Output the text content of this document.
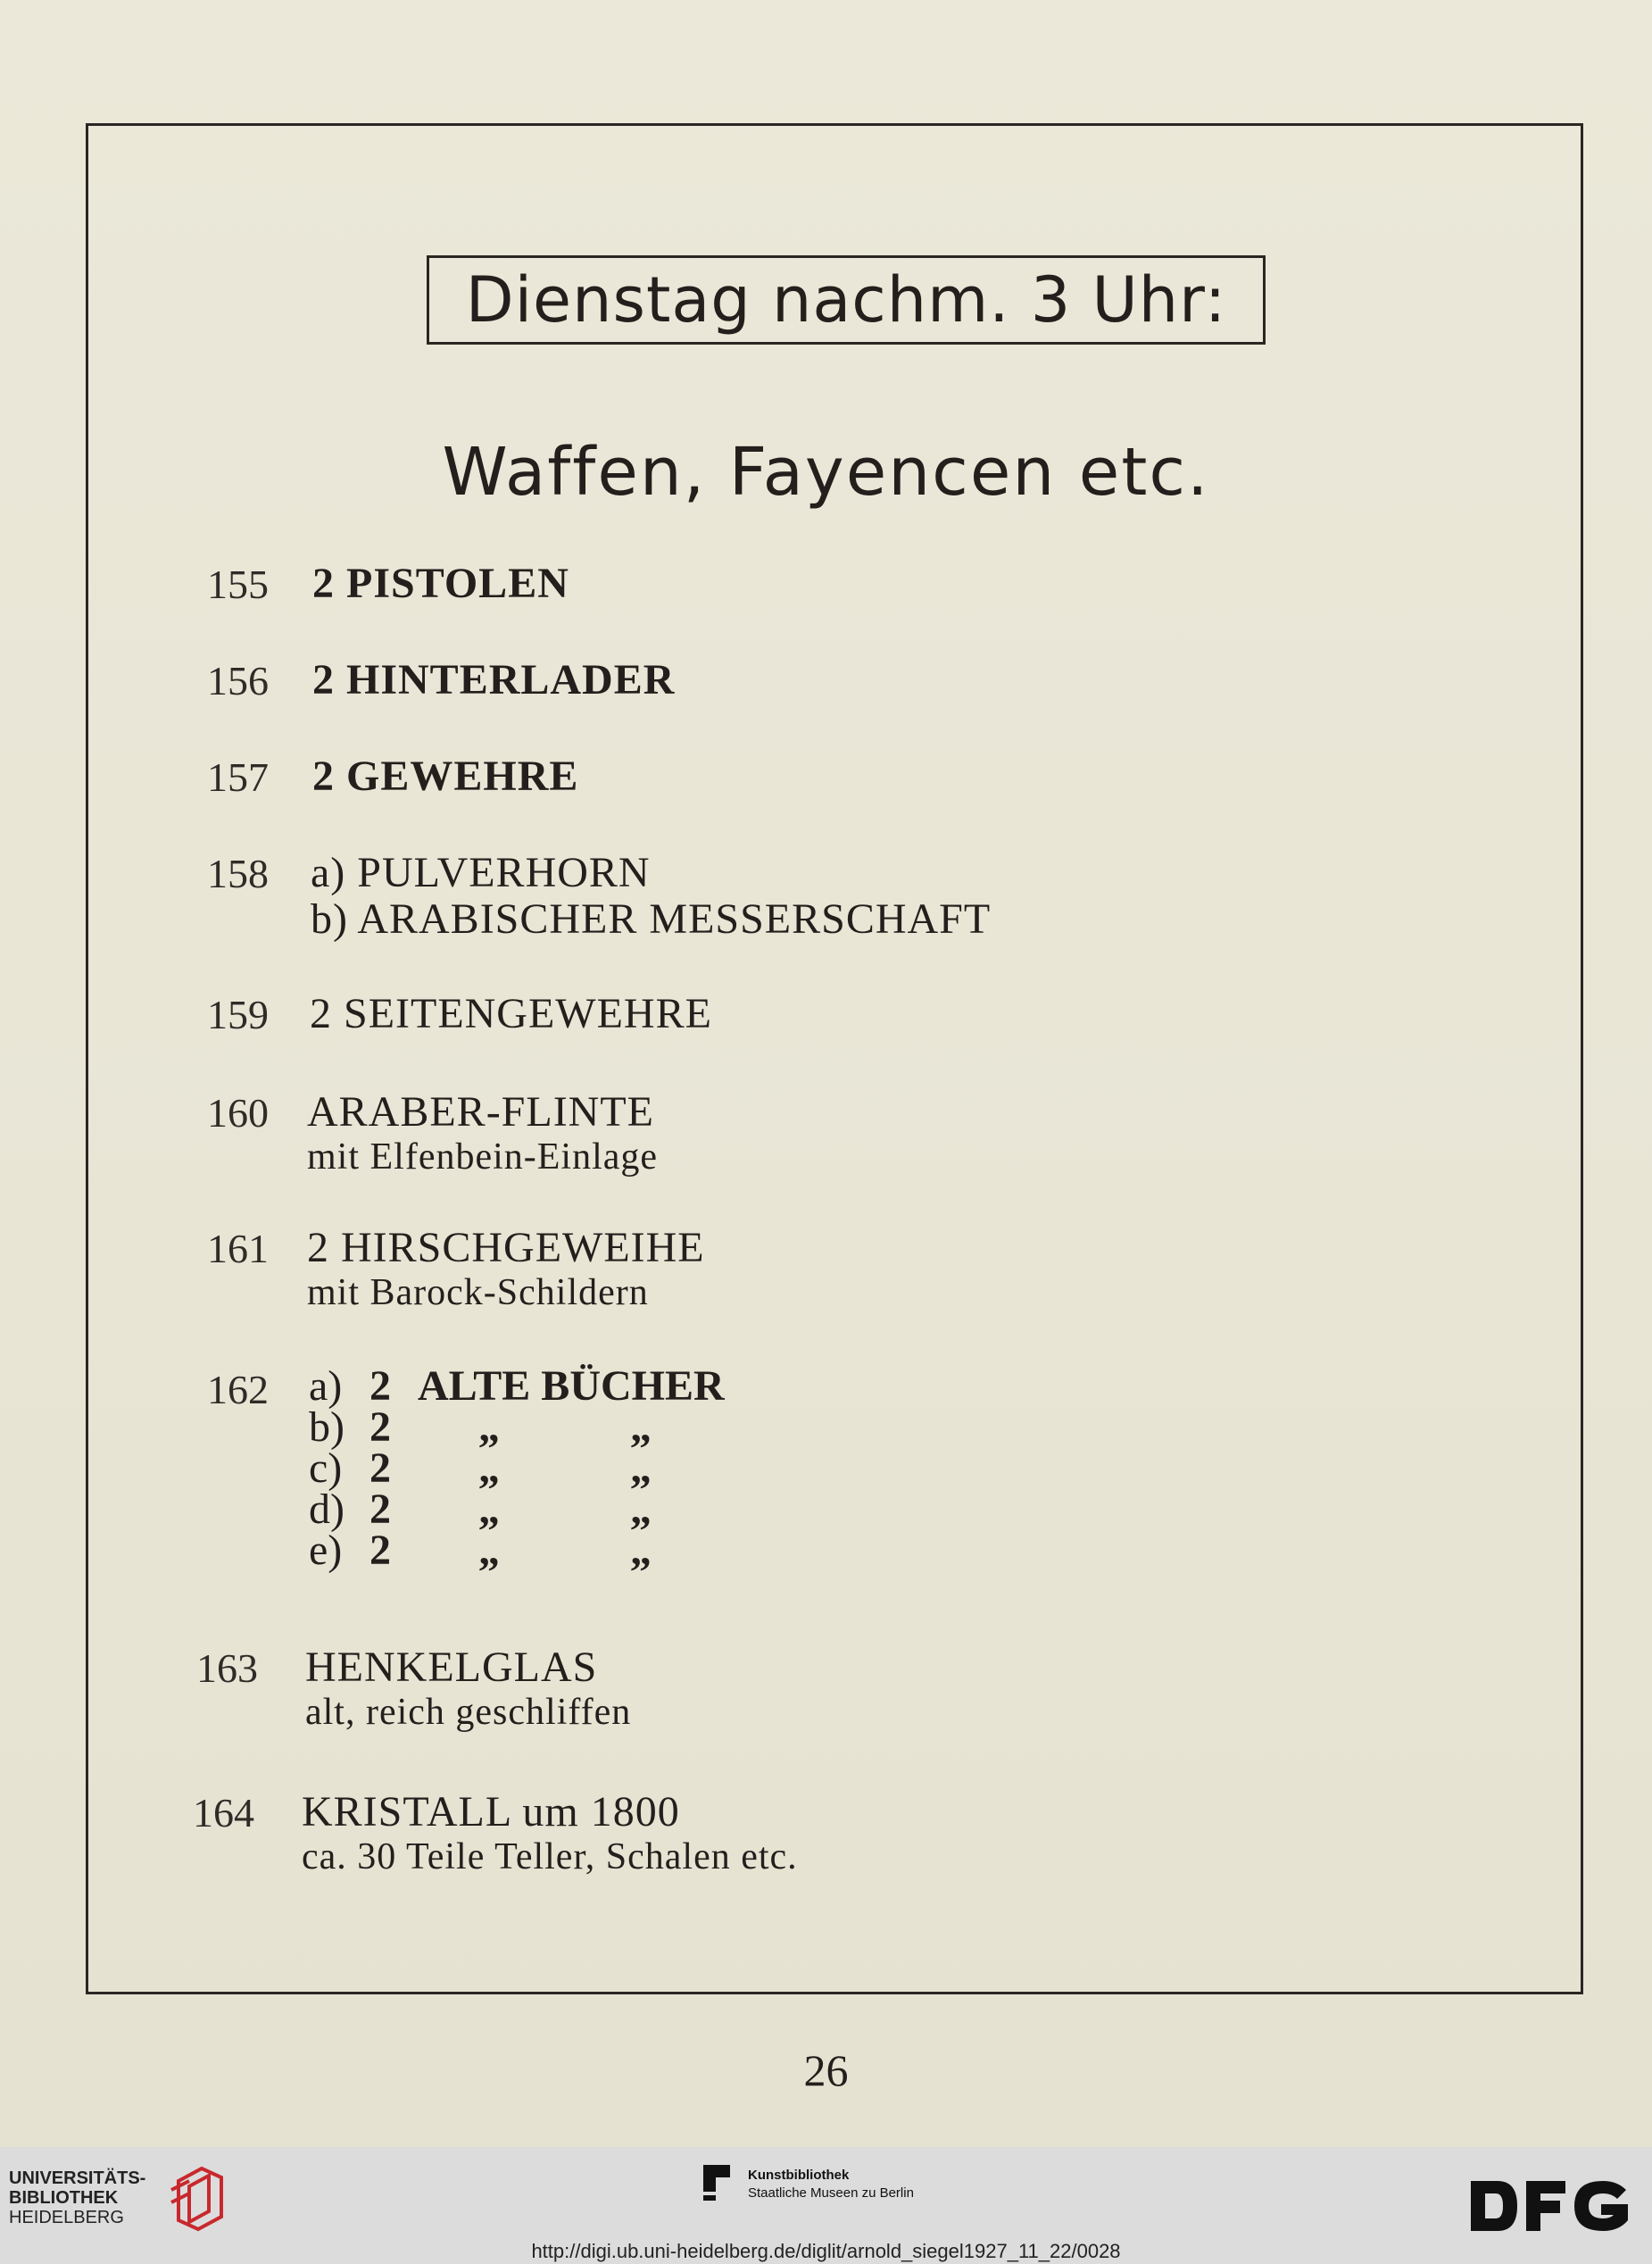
Dienstag nachm. 3 Uhr:
Waffen, Fayencen etc.
155	2 PISTOLEN
156	2 HINTERLADER
157	2 GEWEHRE
158 a) PULVERHORN
b) ARABISCHER MESSERSCHAFT
159 2 SEITENGEWEHRE
160 ARABER-FLINTE
mit Elfenbein-Einlage
161 2 HIRSCHGEWEIHE
mit Barock-Schildern
162 a) 2 ALTE BÜCHER
b) 2 „	„
c) 2 „	„
d) 2 „	„
e) 2 „	„
163	HENKELGLAS
alt, reich geschliffen
164	KRISTALL um 1800
ca. 30 Teile Teller, Schalen etc.
26
UNIVERSITÄTS-
BIBLIOTHEK
HEIDELBERG
Kunstbibliothek
Staatliche Museen zu Berlin
http://digi.ub.uni-heidelberg.de/diglit/arnold_siegel1927_11_22/0028
